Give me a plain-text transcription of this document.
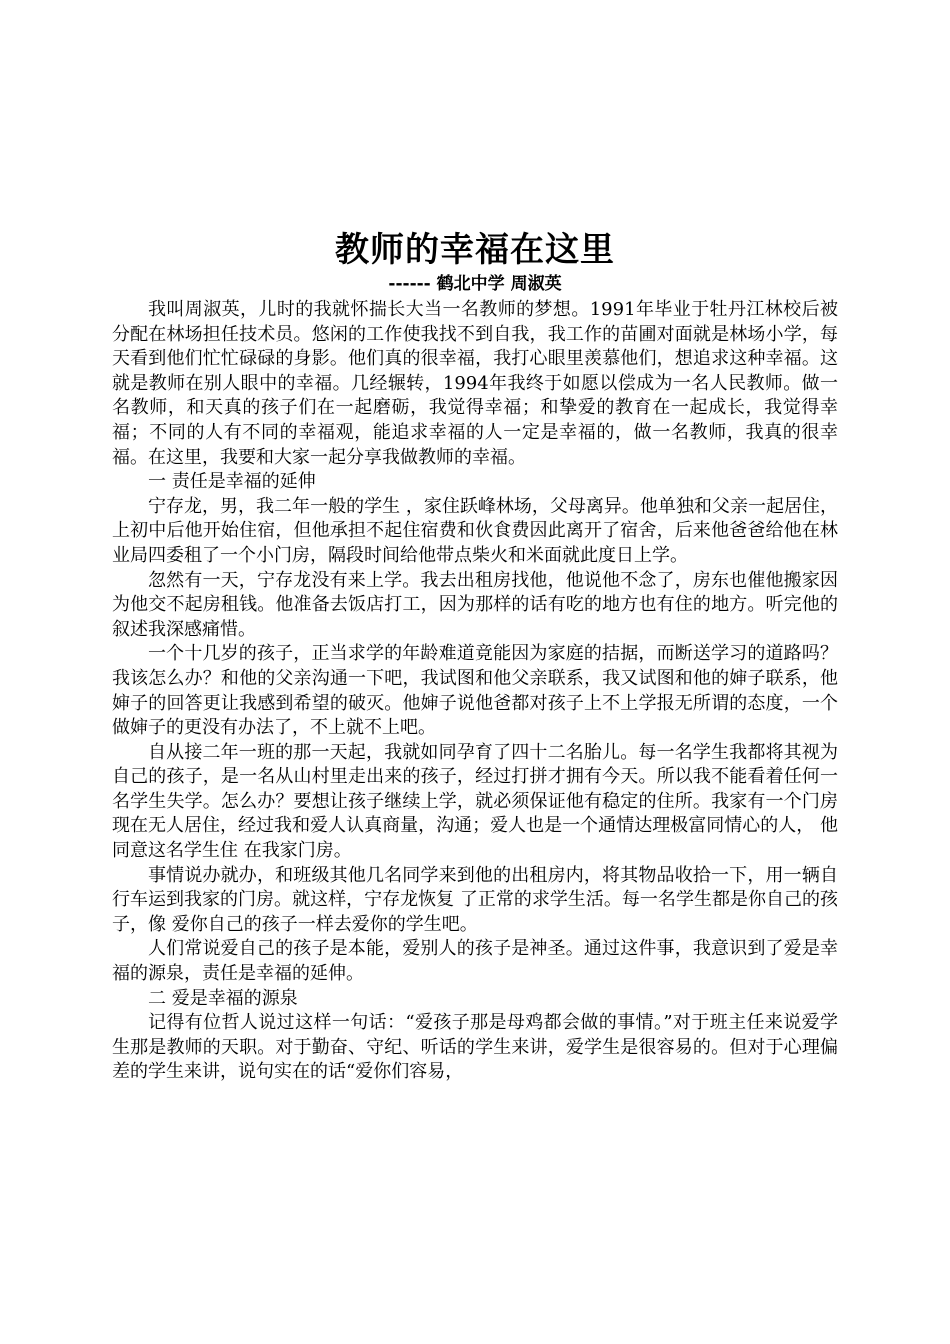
教师的幸福在这里

------ 鹤北中学 周淑英

我叫周淑英，儿时的我就怀揣长大当一名教师的梦想。1991年毕业于牡丹江林校后被分配在林场担任技术员。悠闲的工作使我找不到自我，我工作的苗圃对面就是林场小学，每天看到他们忙忙碌碌的身影。他们真的很幸福，我打心眼里羡慕他们，想追求这种幸福。这就是教师在别人眼中的幸福。几经辗转，1994年我终于如愿以偿成为一名人民教师。做一名教师，和天真的孩子们在一起磨砺，我觉得幸福；和挚爱的教育在一起成长，我觉得幸福；不同的人有不同的幸福观，能追求幸福的人一定是幸福的，做一名教师，我真的很幸福。在这里，我要和大家一起分享我做教师的幸福。

一 责任是幸福的延伸

宁存龙，男，我二年一般的学生 ，家住跃峰林场，父母离异。他单独和父亲一起居住，上初中后他开始住宿，但他承担不起住宿费和伙食费因此离开了宿舍，后来他爸爸给他在林业局四委租了一个小门房，隔段时间给他带点柴火和米面就此度日上学。

忽然有一天，宁存龙没有来上学。我去出租房找他，他说他不念了，房东也催他搬家因为他交不起房租钱。他准备去饭店打工，因为那样的话有吃的地方也有住的地方。听完他的叙述我深感痛惜。

一个十几岁的孩子，正当求学的年龄难道竟能因为家庭的拮据，而断送学习的道路吗？我该怎么办？和他的父亲沟通一下吧，我试图和他父亲联系，我又试图和他的婶子联系，他婶子的回答更让我感到希望的破灭。他婶子说他爸都对孩子上不上学报无所谓的态度，一个做婶子的更没有办法了，不上就不上吧。

自从接二年一班的那一天起，我就如同孕育了四十二名胎儿。每一名学生我都将其视为自己的孩子，是一名从山村里走出来的孩子，经过打拼才拥有今天。所以我不能看着任何一名学生失学。怎么办？要想让孩子继续上学，就必须保证他有稳定的住所。我家有一个门房现在无人居住，经过我和爱人认真商量，沟通；爱人也是一个通情达理极富同情心的人， 他同意这名学生住 在我家门房。

事情说办就办，和班级其他几名同学来到他的出租房内，将其物品收拾一下，用一辆自行车运到我家的门房。就这样，宁存龙恢复 了正常的求学生活。每一名学生都是你自己的孩子，像 爱你自己的孩子一样去爱你的学生吧。

人们常说爱自己的孩子是本能，爱别人的孩子是神圣。通过这件事，我意识到了爱是幸福的源泉，责任是幸福的延伸。

二 爱是幸福的源泉

记得有位哲人说过这样一句话：“爱孩子那是母鸡都会做的事情。”对于班主任来说爱学生那是教师的天职。对于勤奋、守纪、听话的学生来讲，爱学生是很容易的。但对于心理偏差的学生来讲，说句实在的话“爱你们容易，
